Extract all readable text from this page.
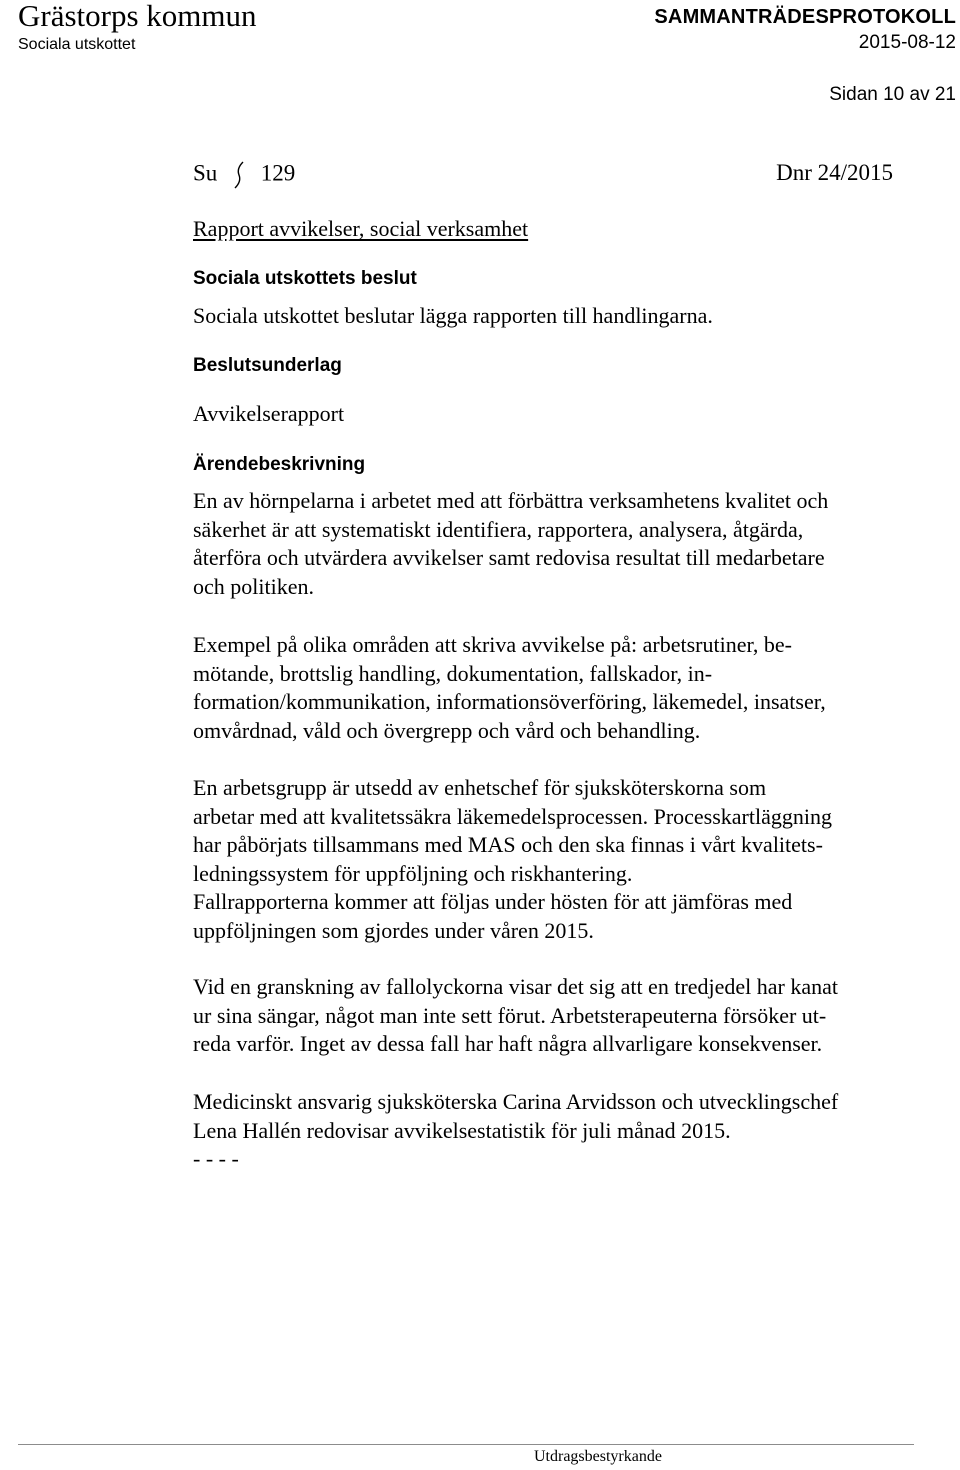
Grästorps kommun
Sociala utskottet
SAMMANTRÄDESPROTOKOLL
2015-08-12
Sidan 10 av 21
Su 129	Dnr 24/2015
Rapport avvikelser, social verksamhet
Sociala utskottets beslut
Sociala utskottet beslutar lägga rapporten till handlingarna.
Beslutsunderlag
Avvikelserapport
Ärendebeskrivning

En av hörnpelarna i arbetet med att förbättra verksamhetens kvalitet och
säkerhet är att systematiskt identifiera, rapportera, analysera, åtgärda,
återföra och utvärdera avvikelser samt redovisa resultat till medarbetare
och politiken.

Exempel på olika områden att skriva avvikelse på: arbetsrutiner, be-
mötande, brottslig handling, dokumentation, fallskador, in-
formation/kommunikation, informationsöverföring, läkemedel, insatser,
omvårdnad, våld och övergrepp och vård och behandling.

En arbetsgrupp är utsedd av enhetschef för sjuksköterskorna som
arbetar med att kvalitetssäkra läkemedelsprocessen. Processkartläggning
har påbörjats tillsammans med MAS och den ska finnas i vårt kvalitets-
ledningssystem för uppföljning och riskhantering.
Fallrapporterna kommer att följas under hösten för att jämföras med
uppföljningen som gjordes under våren 2015.

Vid en granskning av fallolyckorna visar det sig att en tredjedel har kanat
ur sina sängar, något man inte sett förut. Arbetsterapeuterna försöker ut-
reda varför. Inget av dessa fall har haft några allvarligare konsekvenser.

Medicinskt ansvarig sjuksköterska Carina Arvidsson och utvecklingschef
Lena Hallén redovisar avvikelsestatistik för juli månad 2015.
- - - -

Utdragsbestyrkande
